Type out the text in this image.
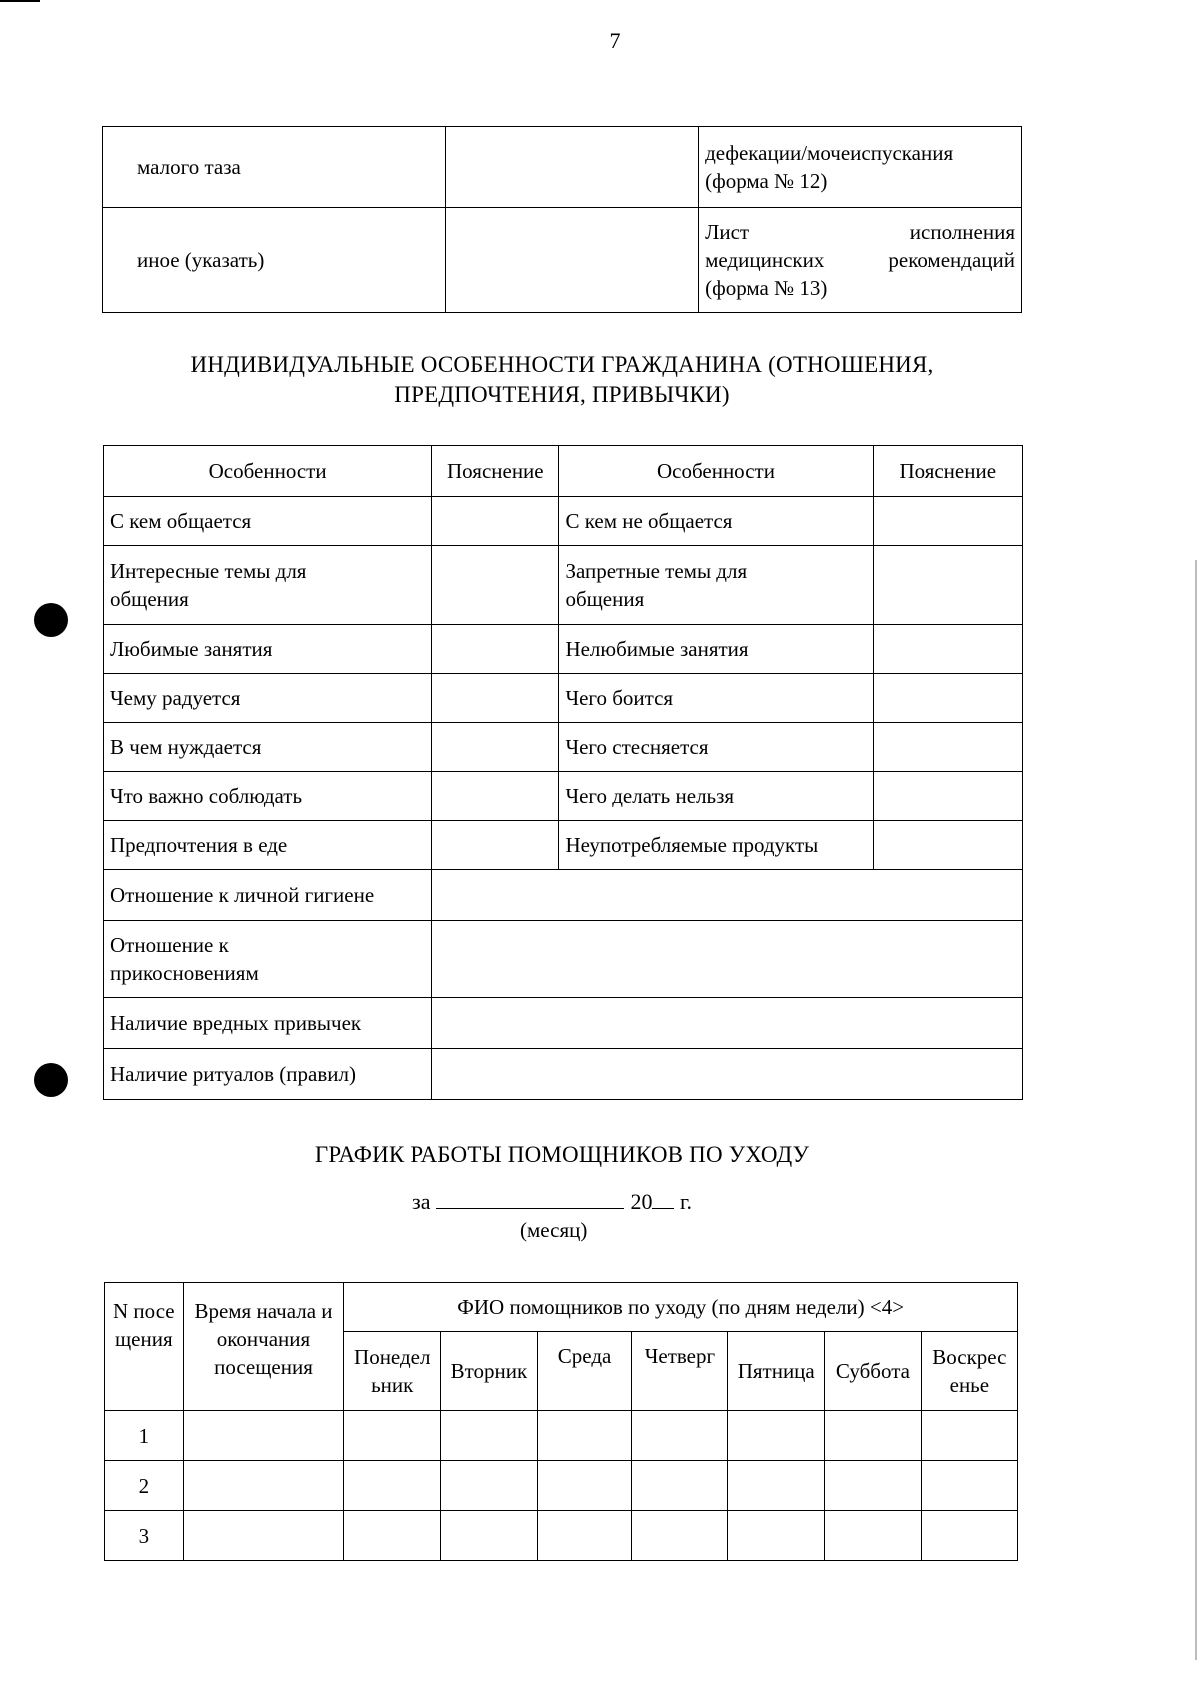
7
малого таза		дефекации/мочеиспускания
(форма № 12)

иное (указать)		Лист исполнения
медицинских рекомендаций
(форма № 13)
ИНДИВИДУАЛЬНЫЕ ОСОБЕННОСТИ ГРАЖДАНИНА (ОТНОШЕНИЯ,
ПРЕДПОЧТЕНИЯ, ПРИВЫЧКИ)
Особенности	Пояснение	Особенности	Пояснение
С кем общается		С кем не общается	

Интересные темы для общения		Запретные темы для общения	

Любимые занятия		Нелюбимые занятия	
Чему радуется		Чего боится	
В чем нуждается		Чего стесняется	
Что важно соблюдать		Чего делать нельзя	
Предпочтения в еде		Неупотребляемые продукты	
Отношение к личной гигиене			

Отношение к прикосновениям			

Наличие вредных привычек			
Наличие ритуалов (правил)			
ГРАФИК РАБОТЫ ПОМОЩНИКОВ ПО УХОДУ
за	20 г.
(месяц)
N посещения	Время начала и окончания посещения	ФИО помощников по уходу (по дням недели) <4>						

		Понедельник	Вторник	Среда	Четверг	Пятница	Суббота	Воскресенье

1								
2								
3								
